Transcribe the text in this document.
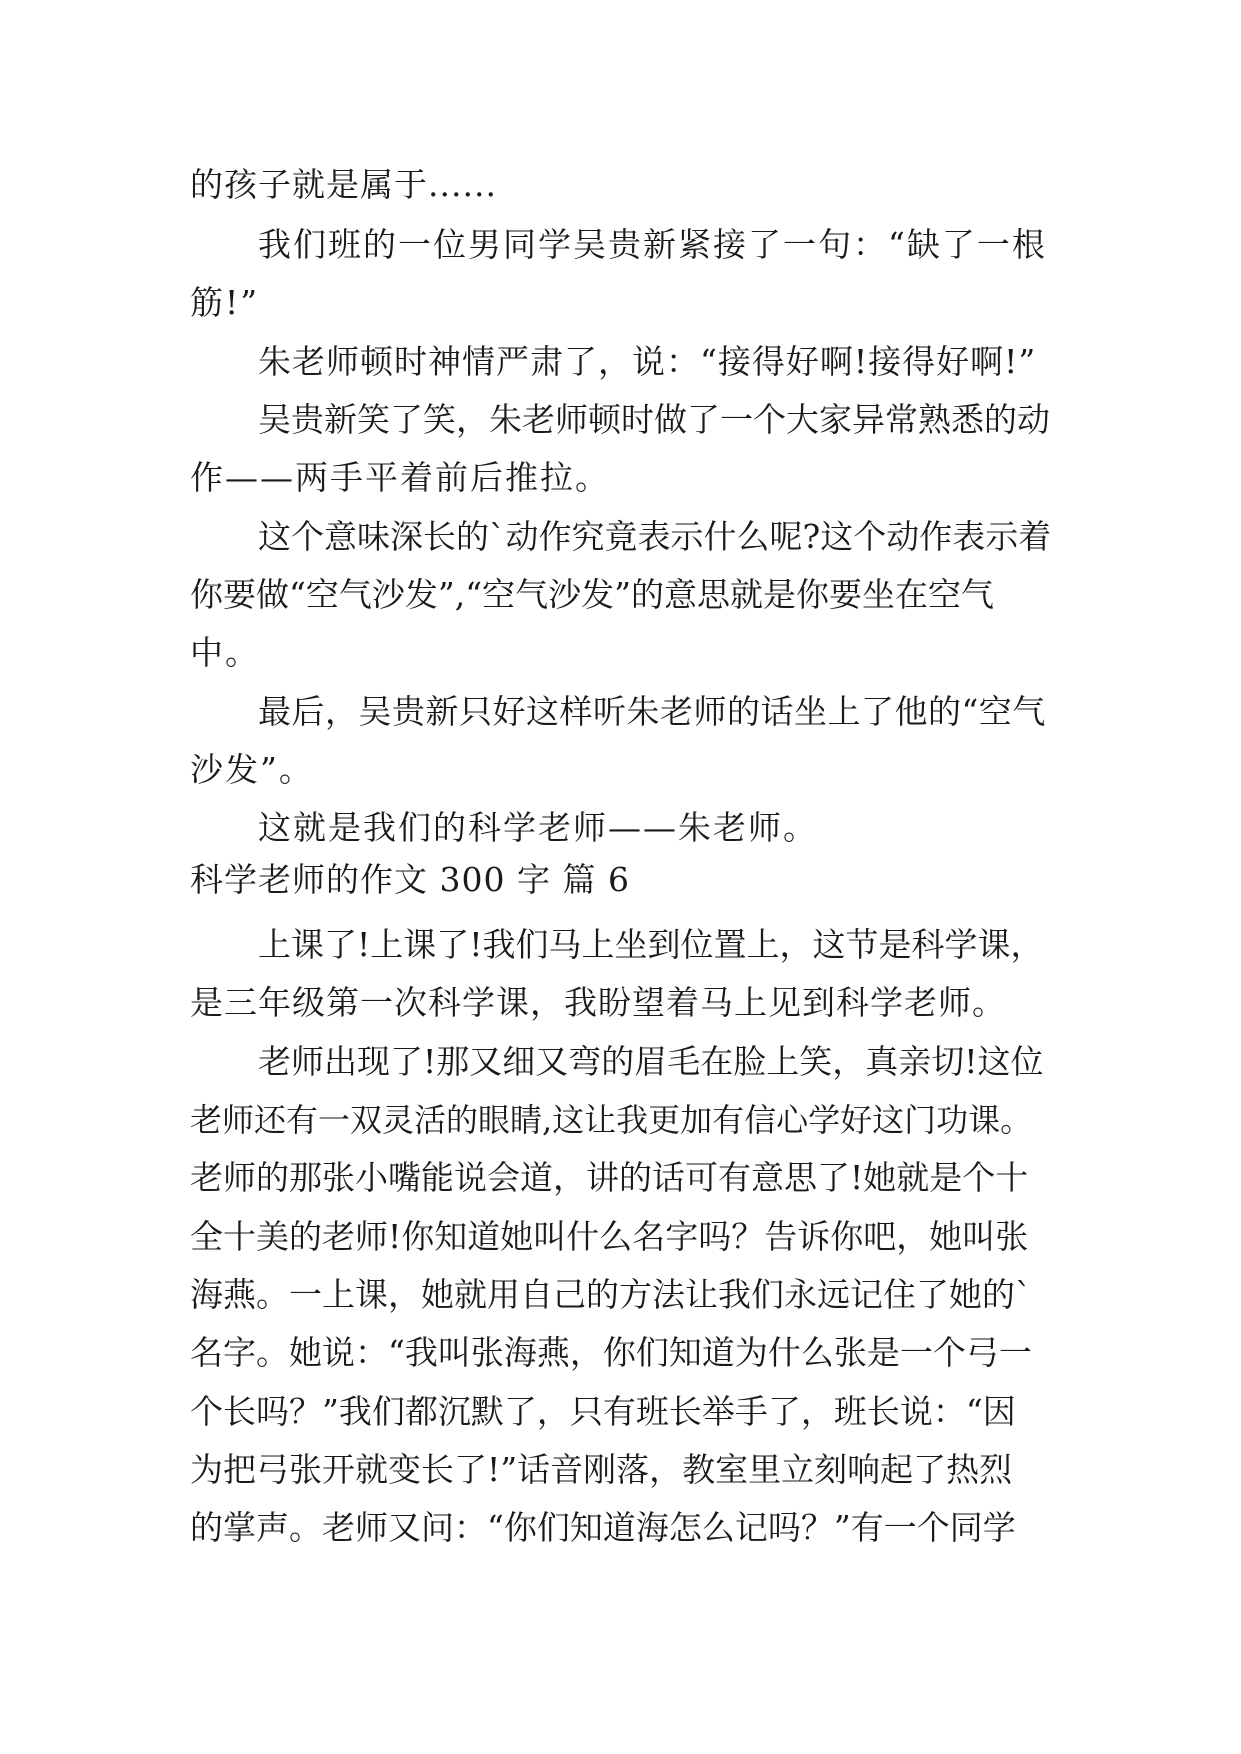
的孩子就是属于......
我们班的一位男同学吴贵新紧接了一句：“缺了一根
筋!”
朱老师顿时神情严肃了，说：“接得好啊!接得好啊!”
吴贵新笑了笑，朱老师顿时做了一个大家异常熟悉的动
作——两手平着前后推拉。
这个意味深长的`动作究竟表示什么呢?这个动作表示着
你要做“空气沙发”,“空气沙发”的意思就是你要坐在空气
中。
最后，吴贵新只好这样听朱老师的话坐上了他的“空气
沙发”。
这就是我们的科学老师——朱老师。
科学老师的作文 300 字 篇 6
上课了!上课了!我们马上坐到位置上，这节是科学课，
是三年级第一次科学课，我盼望着马上见到科学老师。
老师出现了!那又细又弯的眉毛在脸上笑，真亲切!这位
老师还有一双灵活的眼睛,这让我更加有信心学好这门功课。
老师的那张小嘴能说会道，讲的话可有意思了!她就是个十
全十美的老师!你知道她叫什么名字吗？告诉你吧，她叫张
海燕。一上课，她就用自己的方法让我们永远记住了她的`
名字。她说：“我叫张海燕，你们知道为什么张是一个弓一
个长吗？”我们都沉默了，只有班长举手了，班长说：“因
为把弓张开就变长了!”话音刚落，教室里立刻响起了热烈
的掌声。老师又问：“你们知道海怎么记吗？”有一个同学
